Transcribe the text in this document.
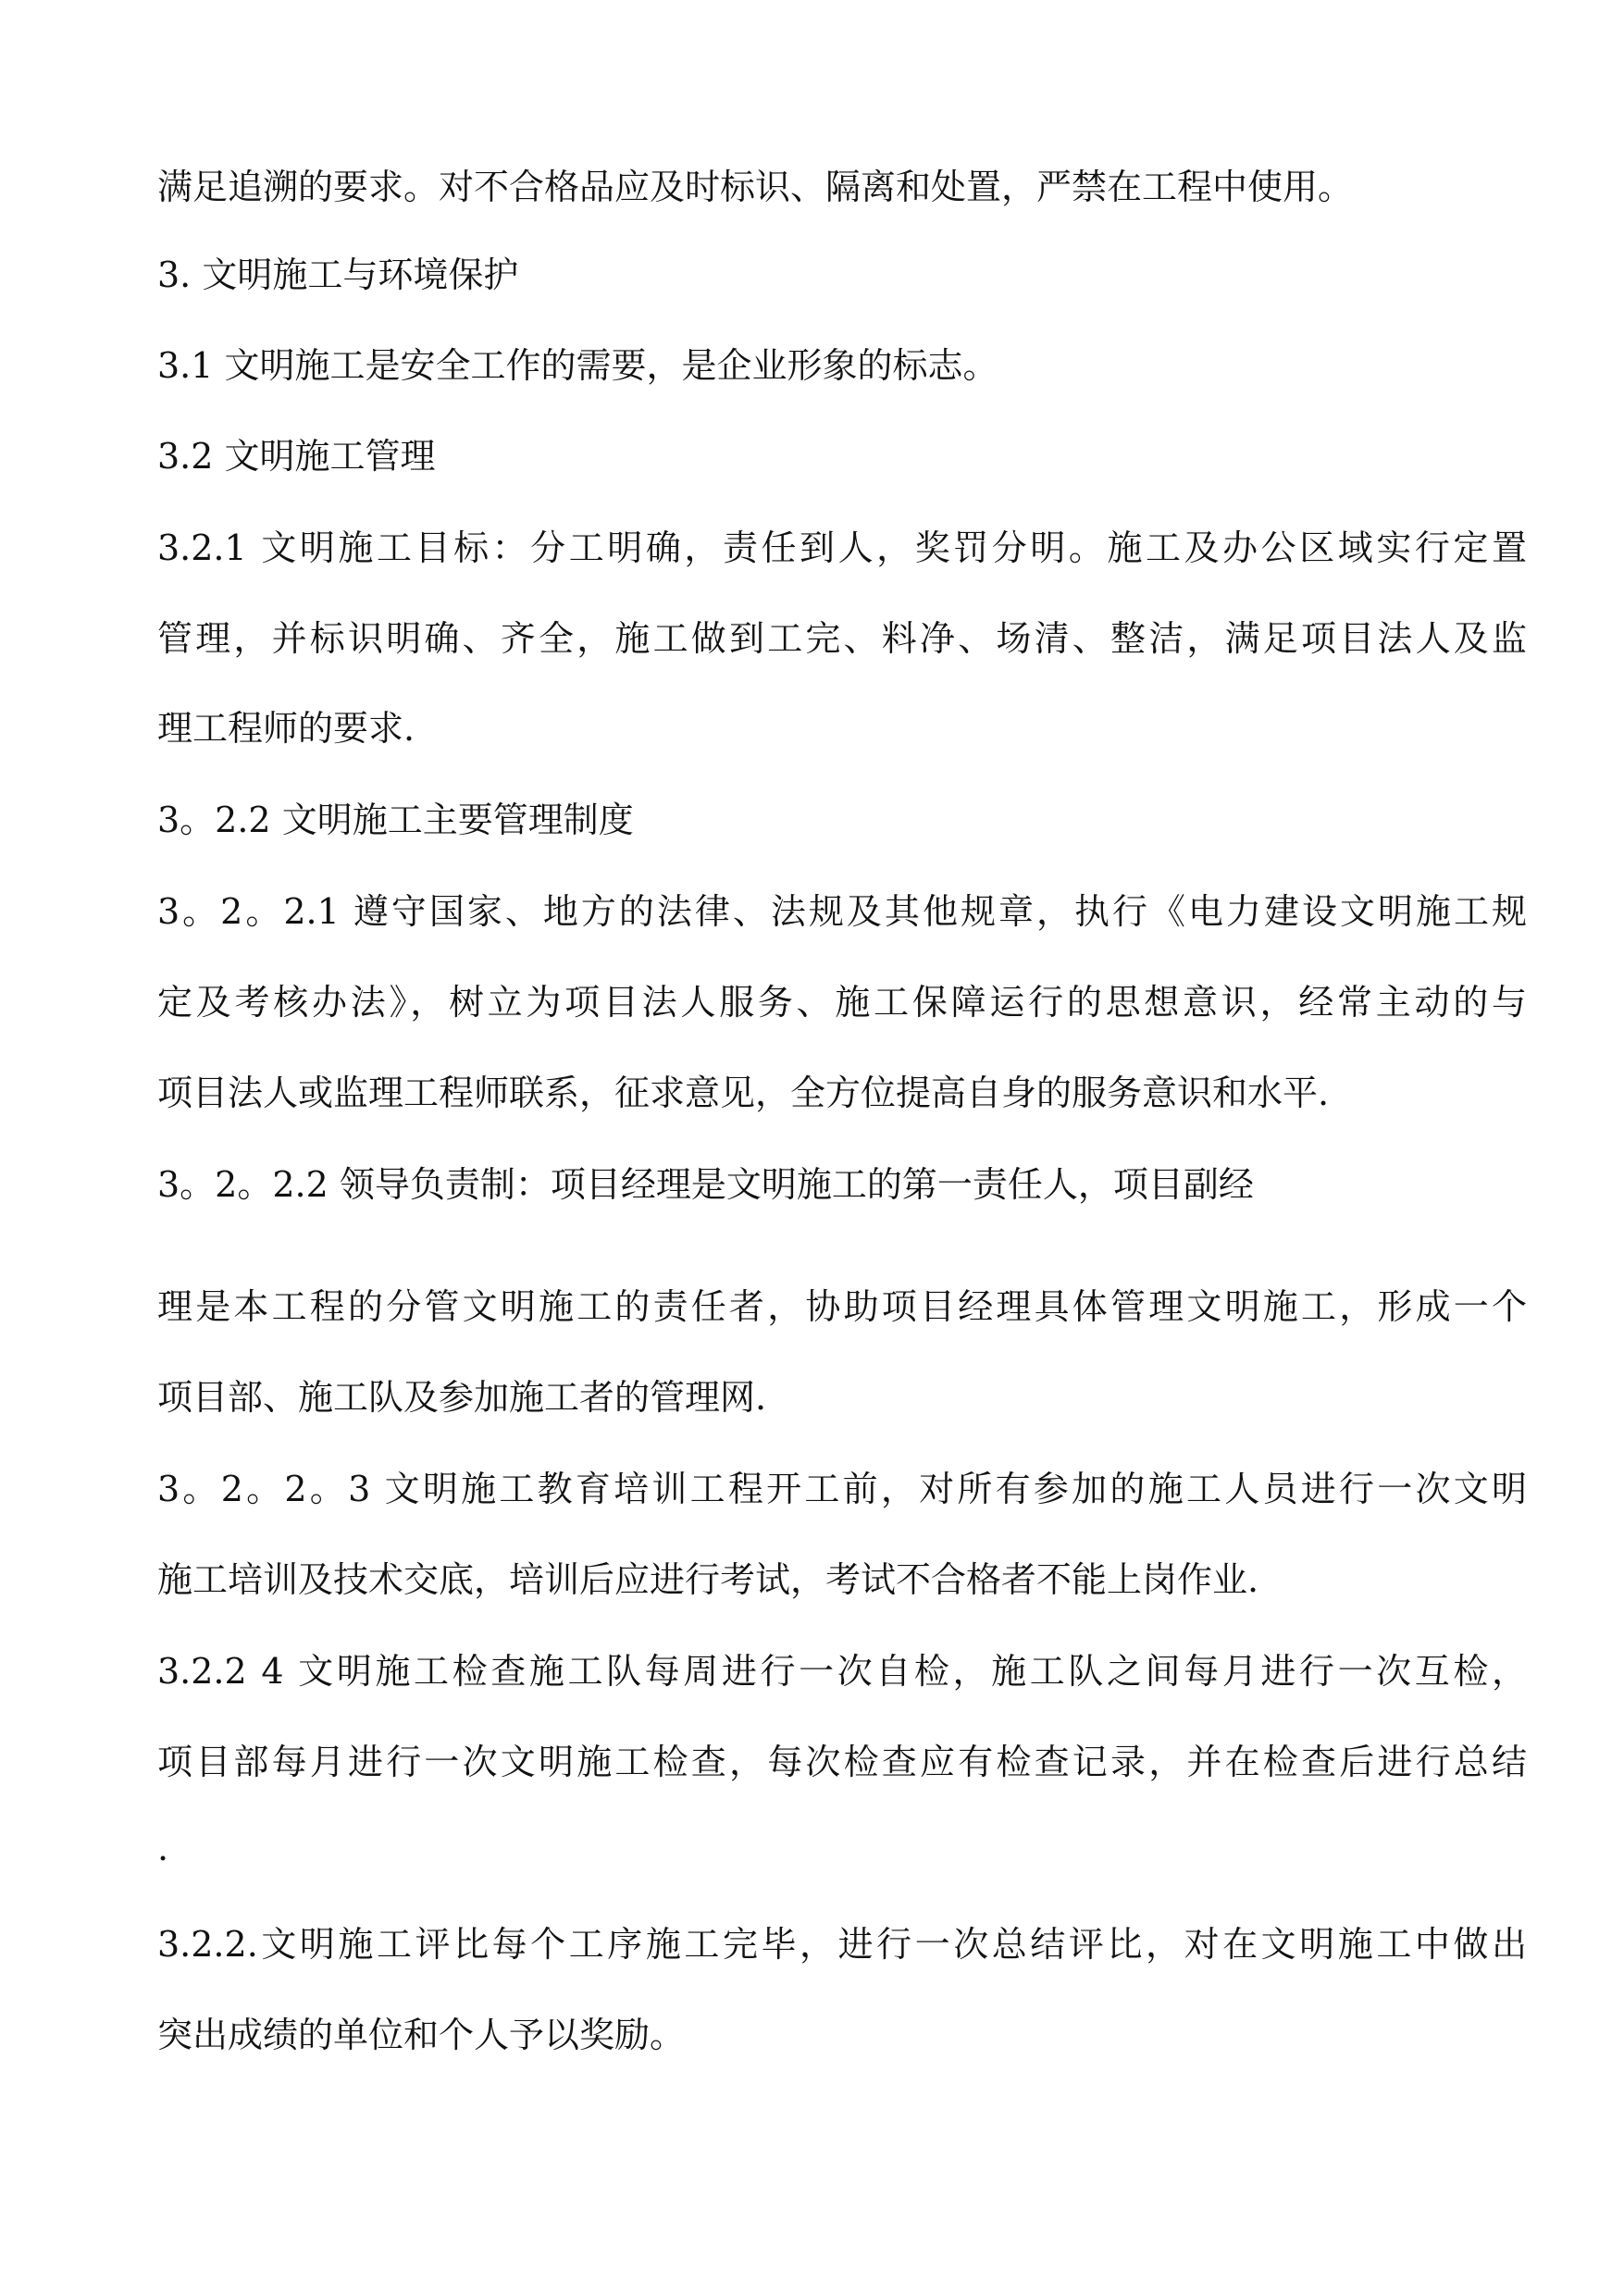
满足追溯的要求。对不合格品应及时标识、隔离和处置，严禁在工程中使用。
3. 文明施工与环境保护
3.1 文明施工是安全工作的需要，是企业形象的标志。
3.2 文明施工管理
3.2.1 文明施工目标：分工明确，责任到人，奖罚分明。施工及办公区域实行定置
管理，并标识明确、齐全，施工做到工完、料净、场清、整洁，满足项目法人及监
理工程师的要求.
3。2.2 文明施工主要管理制度
3。2。2.1 遵守国家、地方的法律、法规及其他规章，执行《电力建设文明施工规
定及考核办法》，树立为项目法人服务、施工保障运行的思想意识，经常主动的与
项目法人或监理工程师联系，征求意见，全方位提高自身的服务意识和水平.
3。2。2.2 领导负责制：项目经理是文明施工的第一责任人，项目副经
理是本工程的分管文明施工的责任者，协助项目经理具体管理文明施工，形成一个
项目部、施工队及参加施工者的管理网.
3。2。2。3 文明施工教育培训工程开工前，对所有参加的施工人员进行一次文明
施工培训及技术交底，培训后应进行考试，考试不合格者不能上岗作业.
3.2.2 4 文明施工检查施工队每周进行一次自检，施工队之间每月进行一次互检，
项目部每月进行一次文明施工检查，每次检查应有检查记录，并在检查后进行总结
.
3.2.2.文明施工评比每个工序施工完毕，进行一次总结评比，对在文明施工中做出
突出成绩的单位和个人予以奖励。
